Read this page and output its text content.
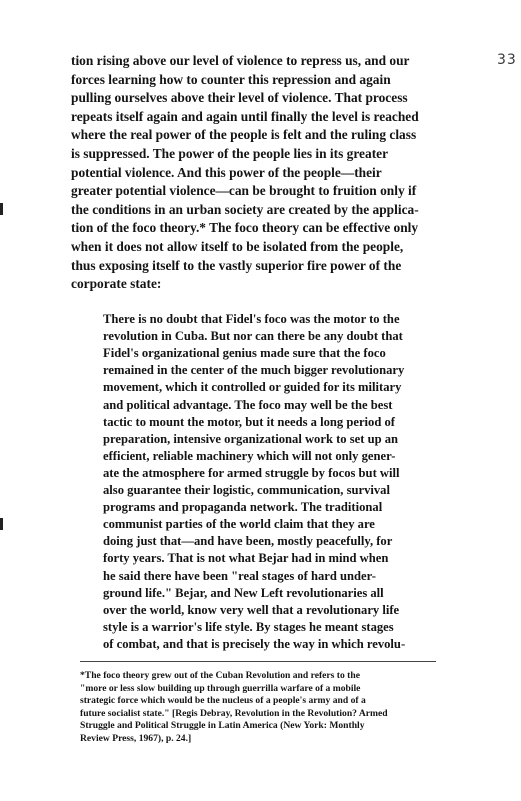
33
tion rising above our level of violence to repress us, and our
forces learning how to counter this repression and again
pulling ourselves above their level of violence. That process
repeats itself again and again until finally the level is reached
where the real power of the people is felt and the ruling class
is suppressed. The power of the people lies in its greater
potential violence. And this power of the people—their
greater potential violence—can be brought to fruition only if
the conditions in an urban society are created by the applica-
tion of the foco theory.* The foco theory can be effective only
when it does not allow itself to be isolated from the people,
thus exposing itself to the vastly superior fire power of the
corporate state:
There is no doubt that Fidel's foco was the motor to the
revolution in Cuba. But nor can there be any doubt that
Fidel's organizational genius made sure that the foco
remained in the center of the much bigger revolutionary
movement, which it controlled or guided for its military
and political advantage. The foco may well be the best
tactic to mount the motor, but it needs a long period of
preparation, intensive organizational work to set up an
efficient, reliable machinery which will not only gener-
ate the atmosphere for armed struggle by focos but will
also guarantee their logistic, communication, survival
programs and propaganda network. The traditional
communist parties of the world claim that they are
doing just that—and have been, mostly peacefully, for
forty years. That is not what Bejar had in mind when
he said there have been "real stages of hard under-
ground life." Bejar, and New Left revolutionaries all
over the world, know very well that a revolutionary life
style is a warrior's life style. By stages he meant stages
of combat, and that is precisely the way in which revolu-
*The foco theory grew out of the Cuban Revolution and refers to the
"more or less slow building up through guerrilla warfare of a mobile
strategic force which would be the nucleus of a people's army and of a
future socialist state." [Regis Debray, Revolution in the Revolution? Armed
Struggle and Political Struggle in Latin America (New York: Monthly
Review Press, 1967), p. 24.]
